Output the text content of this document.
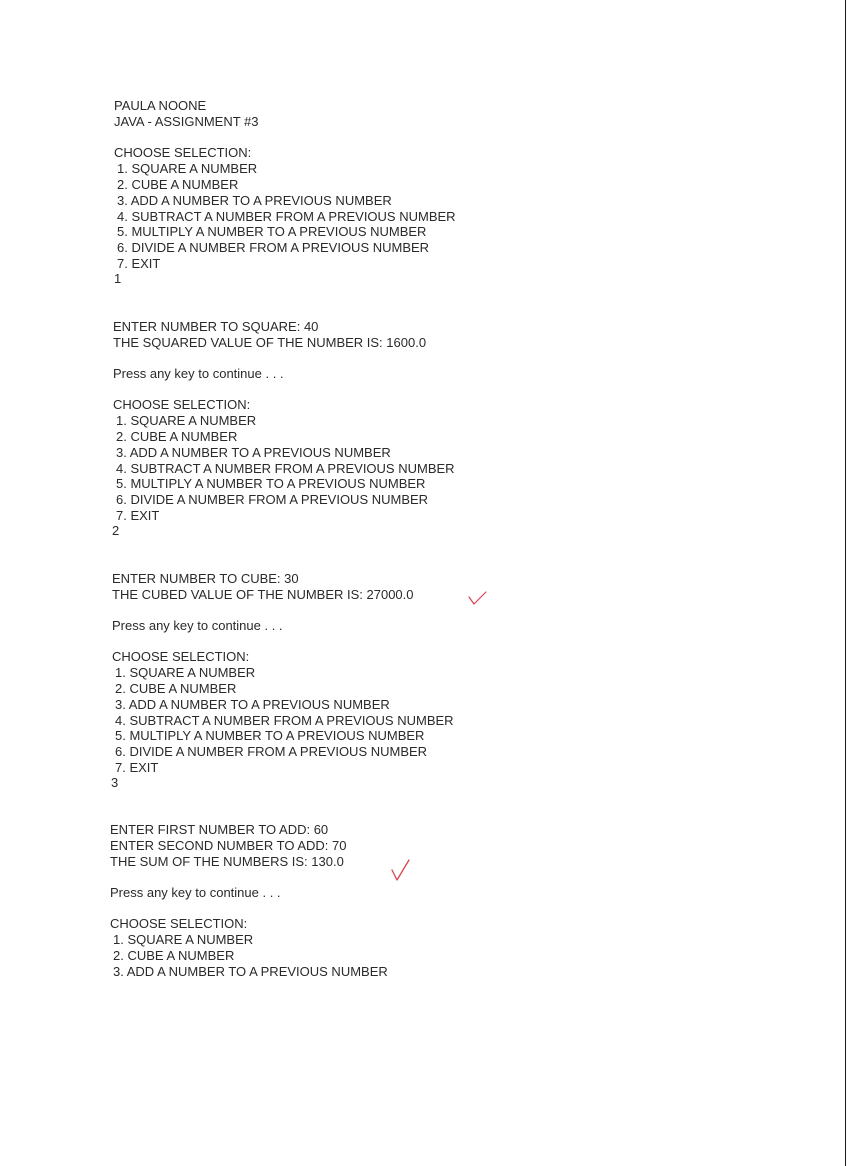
PAULA NOONE
JAVA - ASSIGNMENT #3
CHOOSE SELECTION:
1. SQUARE A NUMBER
2. CUBE A NUMBER
3. ADD A NUMBER TO A PREVIOUS NUMBER
4. SUBTRACT A NUMBER FROM A PREVIOUS NUMBER
5. MULTIPLY A NUMBER TO A PREVIOUS NUMBER
6. DIVIDE A NUMBER FROM A PREVIOUS NUMBER
7. EXIT
1
ENTER NUMBER TO SQUARE: 40
THE SQUARED VALUE OF THE NUMBER IS: 1600.0
Press any key to continue . . .
CHOOSE SELECTION:
1. SQUARE A NUMBER
2. CUBE A NUMBER
3. ADD A NUMBER TO A PREVIOUS NUMBER
4. SUBTRACT A NUMBER FROM A PREVIOUS NUMBER
5. MULTIPLY A NUMBER TO A PREVIOUS NUMBER
6. DIVIDE A NUMBER FROM A PREVIOUS NUMBER
7. EXIT
2
ENTER NUMBER TO CUBE: 30
THE CUBED VALUE OF THE NUMBER IS: 27000.0
Press any key to continue . . .
CHOOSE SELECTION:
1. SQUARE A NUMBER
2. CUBE A NUMBER
3. ADD A NUMBER TO A PREVIOUS NUMBER
4. SUBTRACT A NUMBER FROM A PREVIOUS NUMBER
5. MULTIPLY A NUMBER TO A PREVIOUS NUMBER
6. DIVIDE A NUMBER FROM A PREVIOUS NUMBER
7. EXIT
3
ENTER FIRST NUMBER TO ADD: 60
ENTER SECOND NUMBER TO ADD: 70
THE SUM OF THE NUMBERS IS: 130.0
Press any key to continue . . .
CHOOSE SELECTION:
1. SQUARE A NUMBER
2. CUBE A NUMBER
3. ADD A NUMBER TO A PREVIOUS NUMBER
